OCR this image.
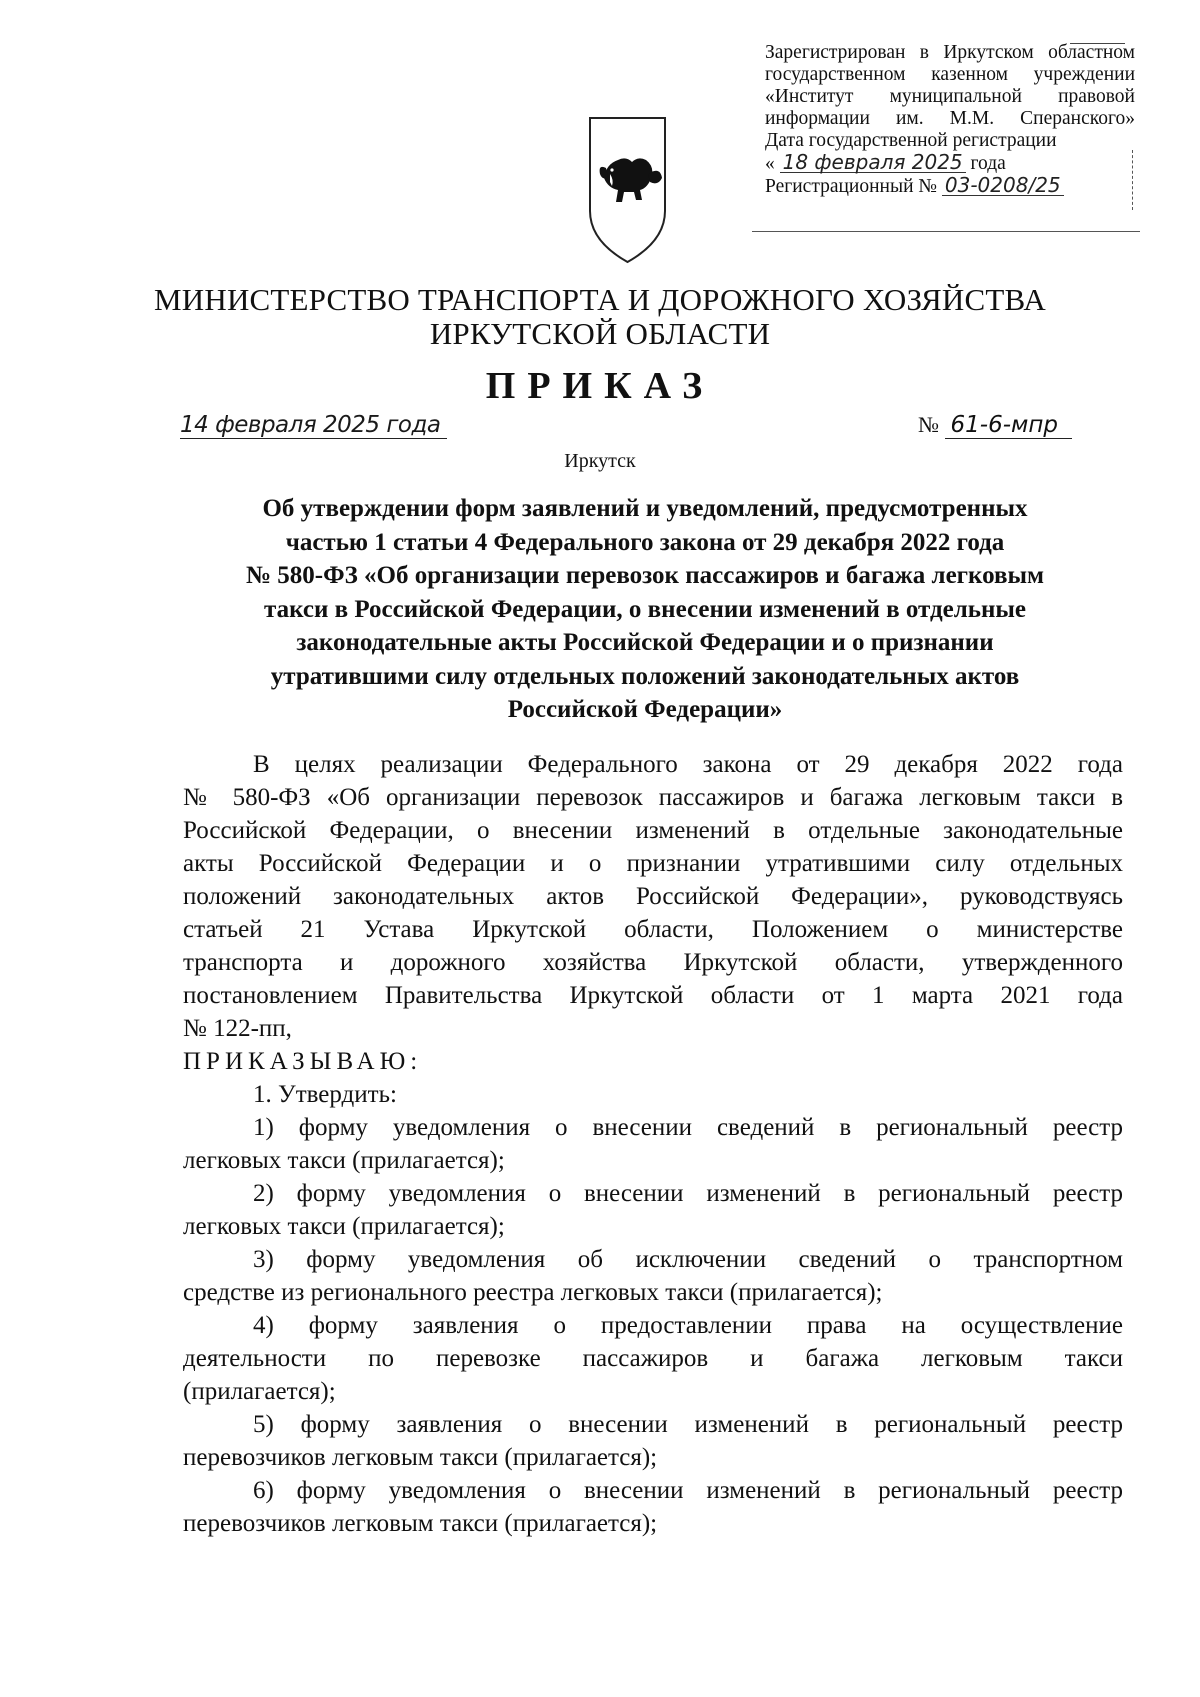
Зарегистрирован в Иркутском областном
государственном казенном учреждении
«Институт муниципальной правовой
информации им. М.М. Сперанского»
Дата государственной регистрации
« 18 февраля 2025 года
Регистрационный № 03-0208/25
МИНИСТЕРСТВО ТРАНСПОРТА И ДОРОЖНОГО ХОЗЯЙСТВА
ИРКУТСКОЙ ОБЛАСТИ
ПРИКАЗ
14 февраля 2025 года	№ 61-6-мпр
Иркутск
Об утверждении форм заявлений и уведомлений, предусмотренных
частью 1 статьи 4 Федерального закона от 29 декабря 2022 года
№ 580-ФЗ «Об организации перевозок пассажиров и багажа легковым
такси в Российской Федерации, о внесении изменений в отдельные
законодательные акты Российской Федерации и о признании
утратившими силу отдельных положений законодательных актов
Российской Федерации»
В целях реализации Федерального закона от 29 декабря 2022 года
№ 580-ФЗ «Об организации перевозок пассажиров и багажа легковым такси в
Российской Федерации, о внесении изменений в отдельные законодательные
акты Российской Федерации и о признании утратившими силу отдельных
положений законодательных актов Российской Федерации», руководствуясь
статьей 21 Устава Иркутской области, Положением о министерстве
транспорта и дорожного хозяйства Иркутской области, утвержденного
постановлением Правительства Иркутской области от 1 марта 2021 года
№ 122-пп,
ПРИКАЗЫВАЮ:
1. Утвердить:
1) форму уведомления о внесении сведений в региональный реестр
легковых такси (прилагается);
2) форму уведомления о внесении изменений в региональный реестр
легковых такси (прилагается);
3) форму уведомления об исключении сведений о транспортном
средстве из регионального реестра легковых такси (прилагается);
4) форму заявления о предоставлении права на осуществление
деятельности по перевозке пассажиров и багажа легковым такси
(прилагается);
5) форму заявления о внесении изменений в региональный реестр
перевозчиков легковым такси (прилагается);
6) форму уведомления о внесении изменений в региональный реестр
перевозчиков легковым такси (прилагается);
